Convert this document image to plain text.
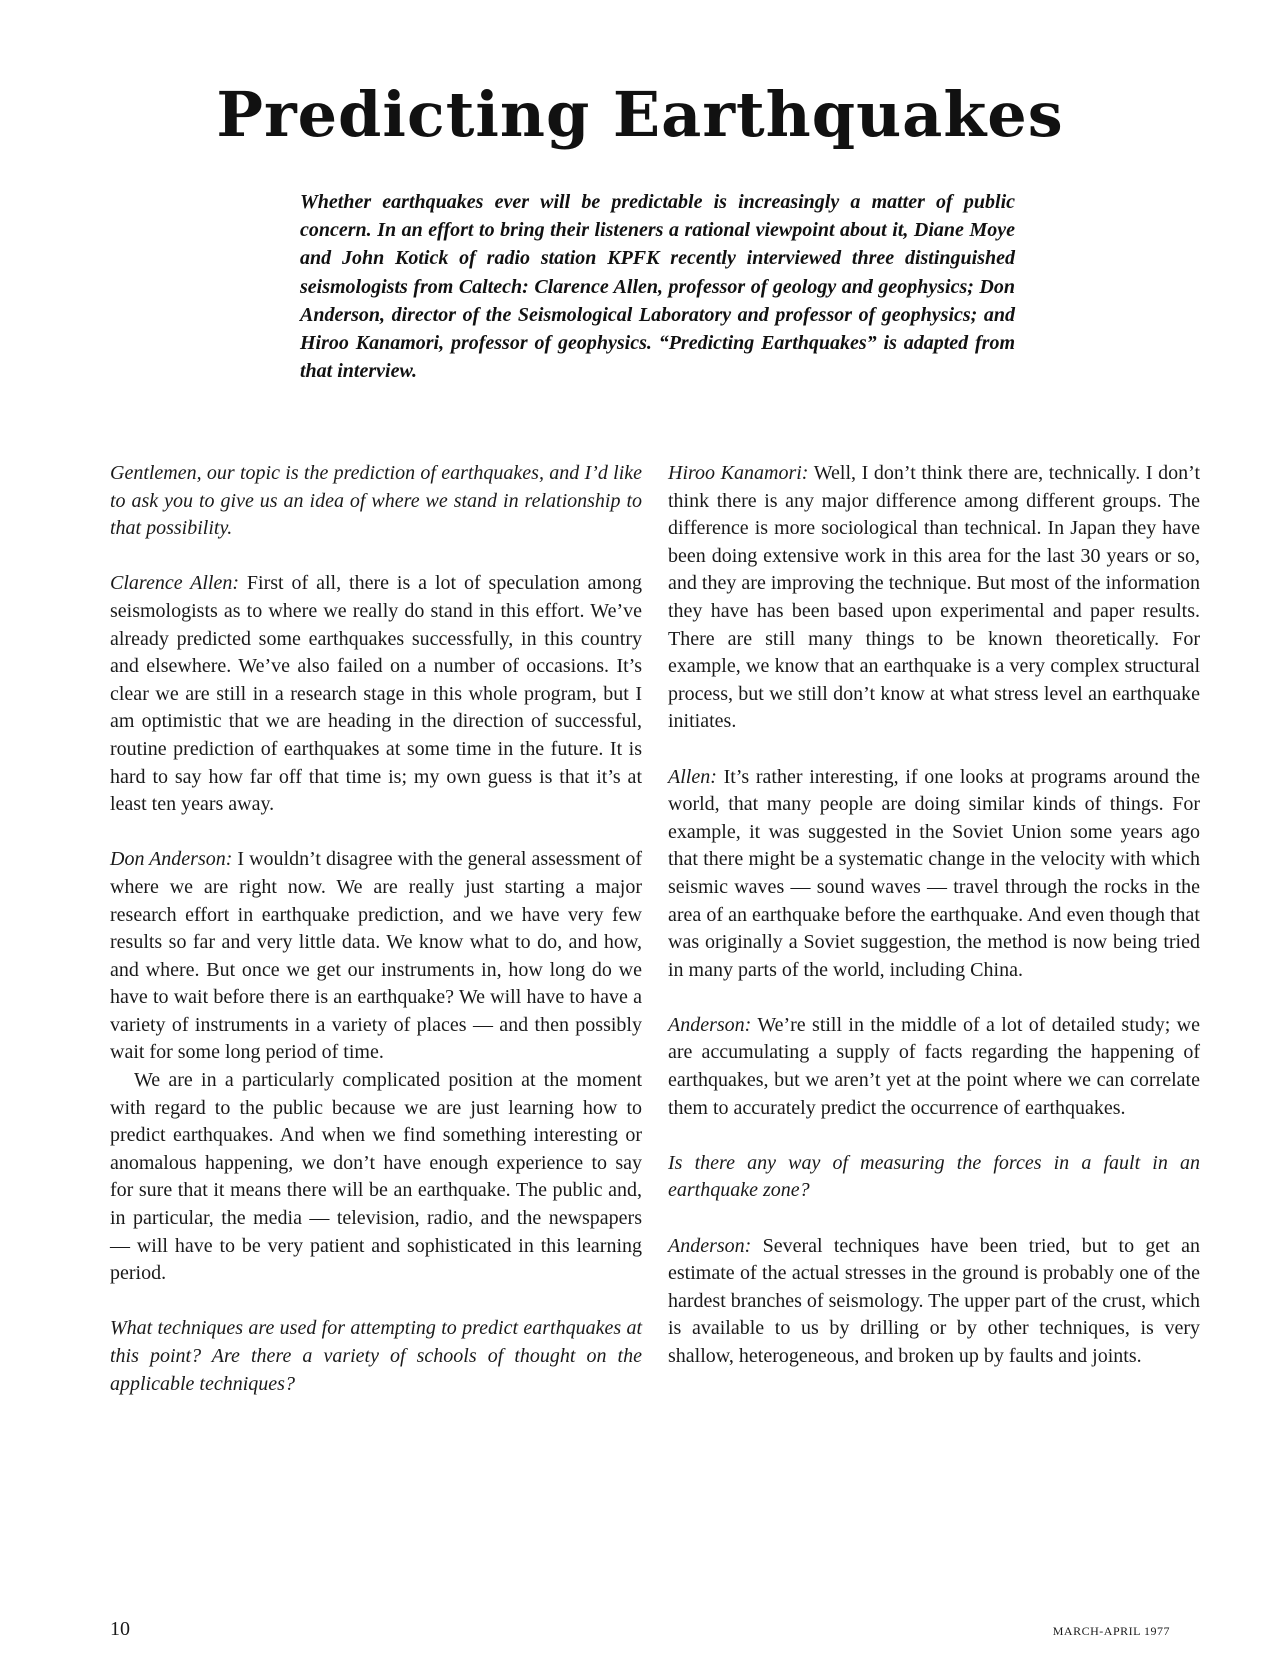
Predicting Earthquakes

Whether earthquakes ever will be predictable is increasingly a matter of public concern. In an effort to bring their listeners a rational viewpoint about it, Diane Moye and John Kotick of radio station KPFK recently interviewed three distinguished seismologists from Caltech: Clarence Allen, professor of geology and geophysics; Don Anderson, director of the Seismological Laboratory and professor of geophysics; and Hiroo Kanamori, professor of geophysics. “Predicting Earthquakes” is adapted from that interview.

Gentlemen, our topic is the prediction of earthquakes, and I’d like to ask you to give us an idea of where we stand in relationship to that possibility.

Clarence Allen: First of all, there is a lot of speculation among seismologists as to where we really do stand in this effort. We’ve already predicted some earthquakes successfully, in this country and elsewhere. We’ve also failed on a number of occasions. It’s clear we are still in a research stage in this whole program, but I am optimistic that we are heading in the direction of successful, routine prediction of earthquakes at some time in the future. It is hard to say how far off that time is; my own guess is that it’s at least ten years away.

Don Anderson: I wouldn’t disagree with the general assessment of where we are right now. We are really just starting a major research effort in earthquake prediction, and we have very few results so far and very little data. We know what to do, and how, and where. But once we get our instruments in, how long do we have to wait before there is an earthquake? We will have to have a variety of instruments in a variety of places — and then possibly wait for some long period of time.

We are in a particularly complicated position at the moment with regard to the public because we are just learning how to predict earthquakes. And when we find something interesting or anomalous happening, we don’t have enough experience to say for sure that it means there will be an earthquake. The public and, in particular, the media — television, radio, and the newspapers — will have to be very patient and sophisticated in this learning period.

What techniques are used for attempting to predict earthquakes at this point? Are there a variety of schools of thought on the applicable techniques?

Hiroo Kanamori: Well, I don’t think there are, technically. I don’t think there is any major difference among different groups. The difference is more sociological than technical. In Japan they have been doing extensive work in this area for the last 30 years or so, and they are improving the technique. But most of the information they have has been based upon experimental and paper results. There are still many things to be known theoretically. For example, we know that an earthquake is a very complex structural process, but we still don’t know at what stress level an earthquake initiates.

Allen: It’s rather interesting, if one looks at programs around the world, that many people are doing similar kinds of things. For example, it was suggested in the Soviet Union some years ago that there might be a systematic change in the velocity with which seismic waves — sound waves — travel through the rocks in the area of an earthquake before the earthquake. And even though that was originally a Soviet suggestion, the method is now being tried in many parts of the world, including China.

Anderson: We’re still in the middle of a lot of detailed study; we are accumulating a supply of facts regarding the happening of earthquakes, but we aren’t yet at the point where we can correlate them to accurately predict the occurrence of earthquakes.

Is there any way of measuring the forces in a fault in an earthquake zone?

Anderson: Several techniques have been tried, but to get an estimate of the actual stresses in the ground is probably one of the hardest branches of seismology. The upper part of the crust, which is available to us by drilling or by other techniques, is very shallow, heterogeneous, and broken up by faults and joints.

10	MARCH-APRIL 1977
